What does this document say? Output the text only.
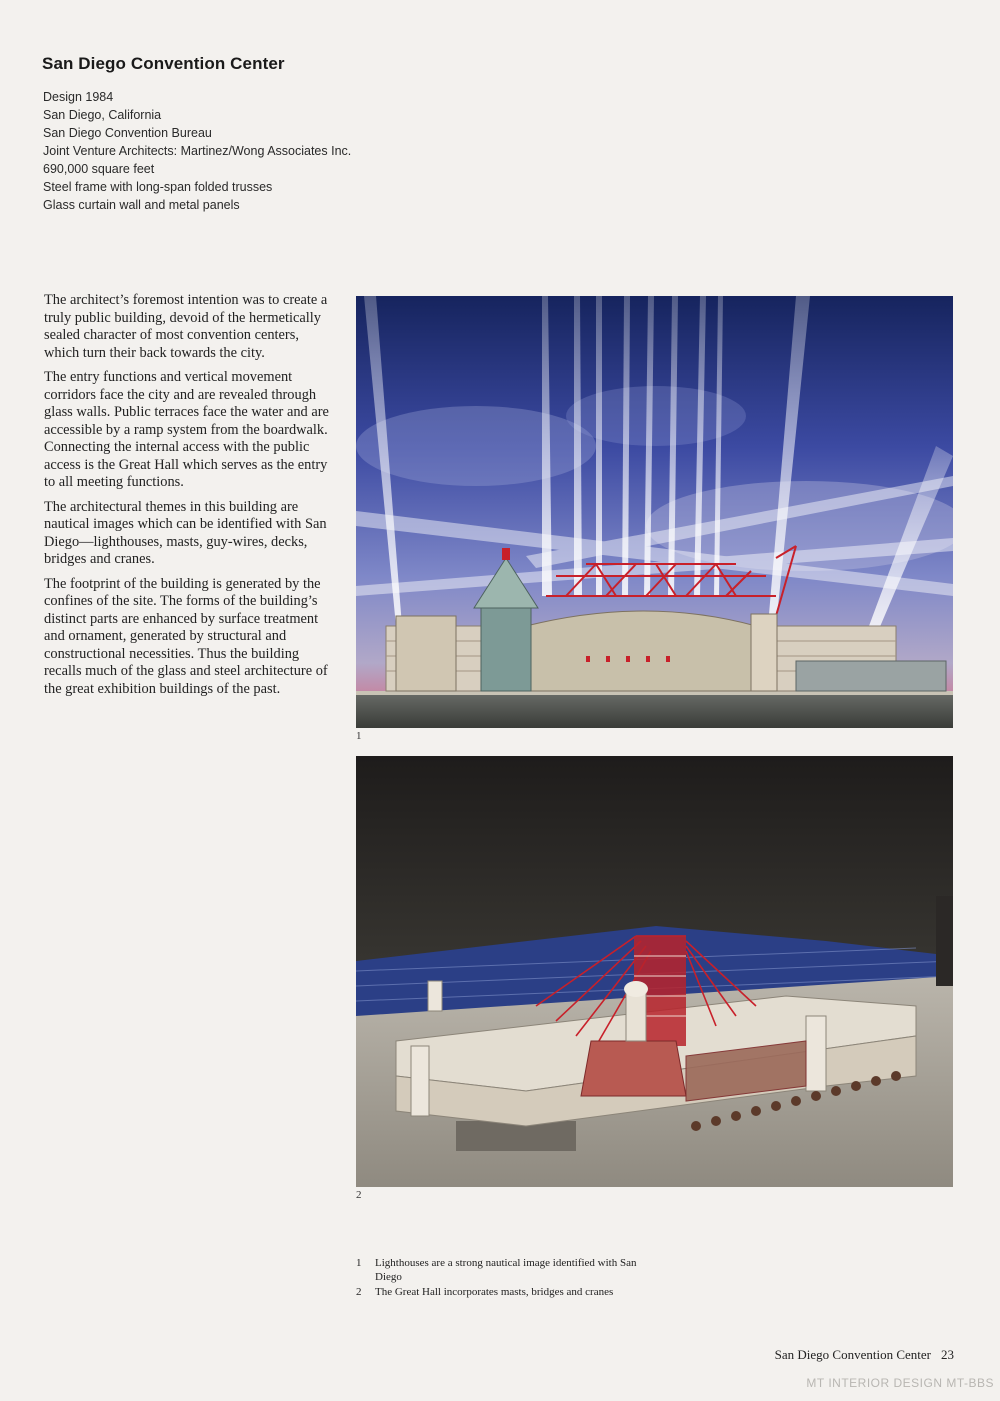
San Diego Convention Center
Design 1984
San Diego, California
San Diego Convention Bureau
Joint Venture Architects: Martinez/Wong Associates Inc.
690,000 square feet
Steel frame with long-span folded trusses
Glass curtain wall and metal panels

The architect’s foremost intention was to create a truly public building, devoid of the hermetically sealed character of most convention centers, which turn their back towards the city.

The entry functions and vertical movement corridors face the city and are revealed through glass walls. Public terraces face the water and are accessible by a ramp system from the boardwalk. Connecting the internal access with the public access is the Great Hall which serves as the entry to all meeting functions.

The architectural themes in this building are nautical images which can be identified with San Diego—lighthouses, masts, guy-wires, decks, bridges and cranes.

The footprint of the building is generated by the confines of the site. The forms of the building’s distinct parts are enhanced by surface treatment and ornament, generated by structural and constructional necessities. Thus the building recalls much of the glass and steel architecture of the great exhibition buildings of the past.

1
2
1	Lighthouses are a strong nautical image identified with San Diego
2	The Great Hall incorporates masts, bridges and cranes
San Diego Convention Center 23
MT INTERIOR DESIGN MT-BBS
